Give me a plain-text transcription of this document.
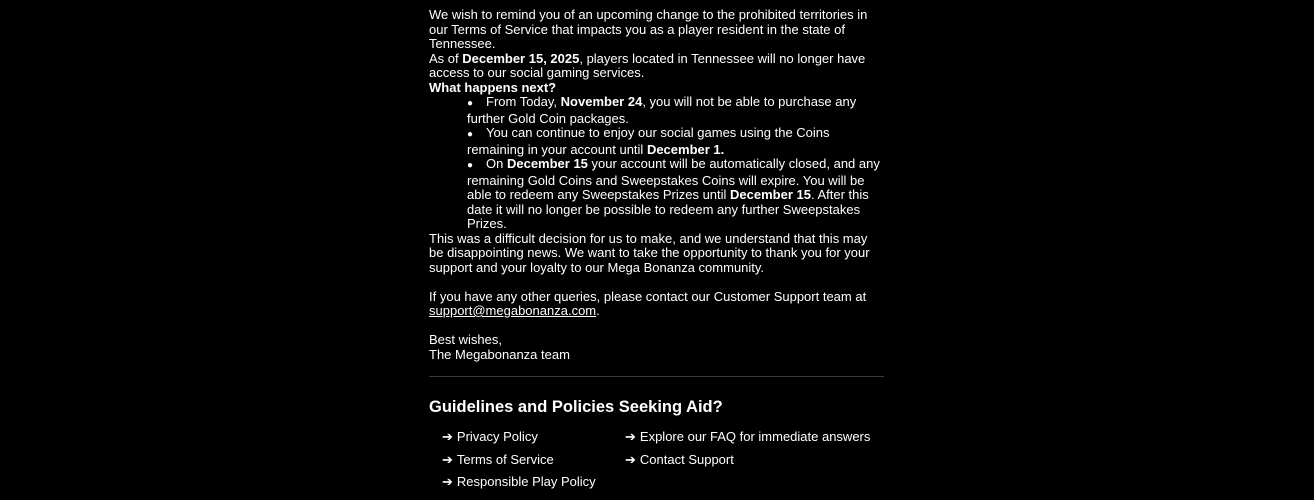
We wish to remind you of an upcoming change to the prohibited territories in our Terms of Service that impacts you as a player resident in the state of Tennessee.

As of December 15, 2025, players located in Tennessee will no longer have access to our social gaming services.

What happens next?

● From Today, November 24, you will not be able to purchase any further Gold Coin packages.
● You can continue to enjoy our social games using the Coins remaining in your account until December 1.
● On December 15 your account will be automatically closed, and any remaining Gold Coins and Sweepstakes Coins will expire. You will be able to redeem any Sweepstakes Prizes until December 15. After this date it will no longer be possible to redeem any further Sweepstakes Prizes.

This was a difficult decision for us to make, and we understand that this may be disappointing news. We want to take the opportunity to thank you for your support and your loyalty to our Mega Bonanza community.

If you have any other queries, please contact our Customer Support team at support@megabonanza.com.

Best wishes,

The Megabonanza team

Guidelines and Policies Seeking Aid?
➔ Privacy Policy
➔ Terms of Service
➔ Responsible Play Policy
➔ Explore our FAQ for immediate answers
➔ Contact Support
